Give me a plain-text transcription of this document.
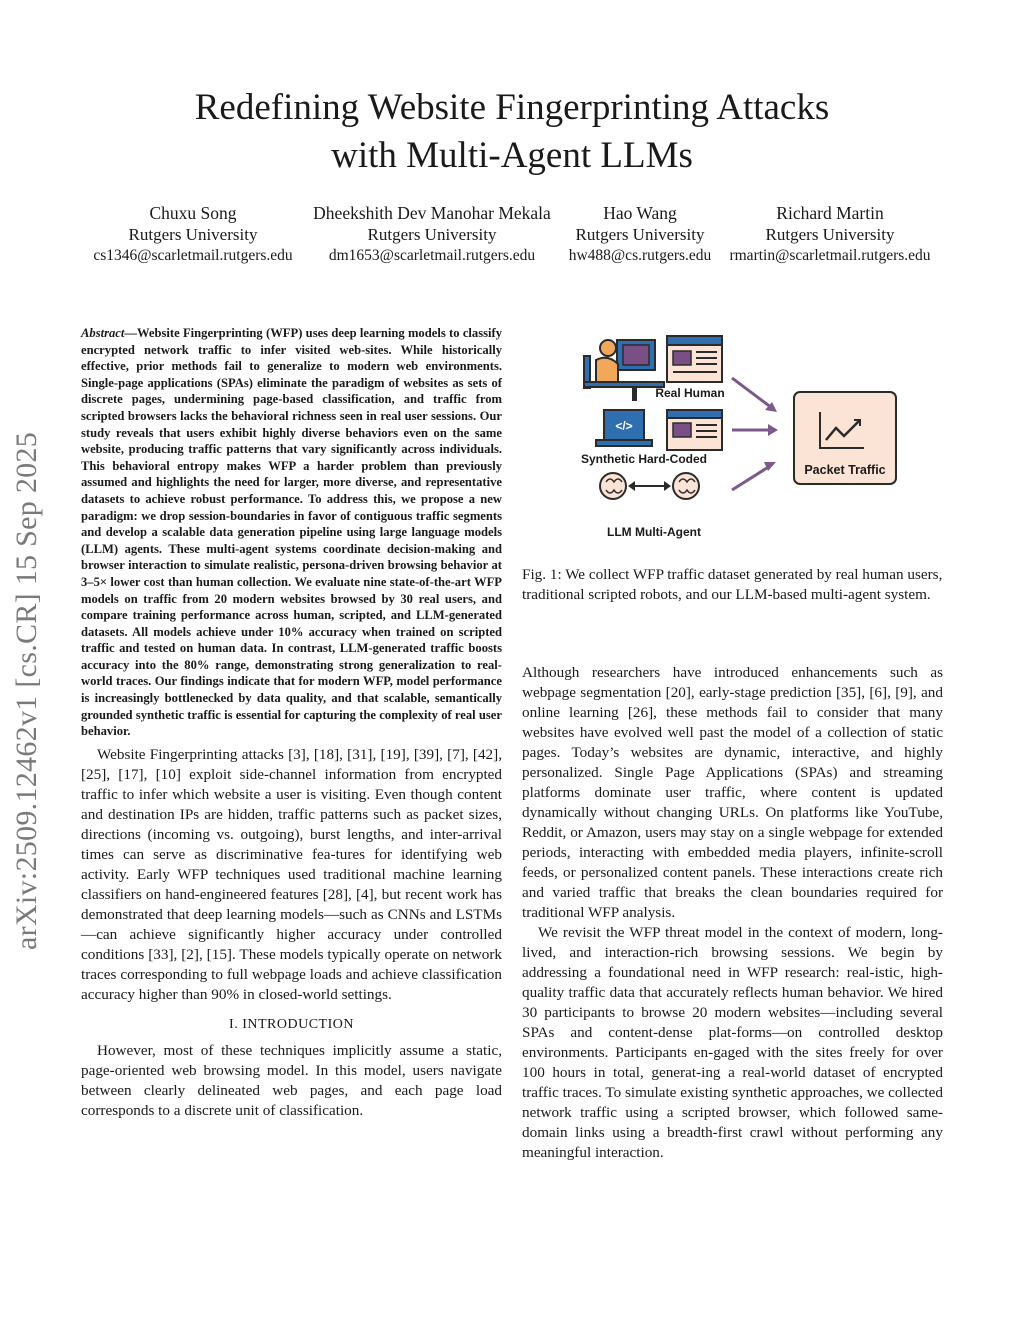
Redefining Website Fingerprinting Attacks
with Multi-Agent LLMs
Chuxu Song
Rutgers University
cs1346@scarletmail.rutgers.edu
Dheekshith Dev Manohar Mekala
Rutgers University
dm1653@scarletmail.rutgers.edu
Hao Wang
Rutgers University
hw488@cs.rutgers.edu
Richard Martin
Rutgers University
rmartin@scarletmail.rutgers.edu
arXiv:2509.12462v1 [cs.CR] 15 Sep 2025
Abstract—Website Fingerprinting (WFP) uses deep learning models to classify encrypted network traffic to infer visited web-sites. While historically effective, prior methods fail to generalize to modern web environments. Single-page applications (SPAs) eliminate the paradigm of websites as sets of discrete pages, undermining page-based classification, and traffic from scripted browsers lacks the behavioral richness seen in real user sessions. Our study reveals that users exhibit highly diverse behaviors even on the same website, producing traffic patterns that vary significantly across individuals. This behavioral entropy makes WFP a harder problem than previously assumed and highlights the need for larger, more diverse, and representative datasets to achieve robust performance. To address this, we propose a new paradigm: we drop session-boundaries in favor of contiguous traffic segments and develop a scalable data generation pipeline using large language models (LLM) agents. These multi-agent systems coordinate decision-making and browser interaction to simulate realistic, persona-driven browsing behavior at 3–5× lower cost than human collection. We evaluate nine state-of-the-art WFP models on traffic from 20 modern websites browsed by 30 real users, and compare training performance across human, scripted, and LLM-generated datasets. All models achieve under 10% accuracy when trained on scripted traffic and tested on human data. In contrast, LLM-generated traffic boosts accuracy into the 80% range, demonstrating strong generalization to real-world traces. Our findings indicate that for modern WFP, model performance is increasingly bottlenecked by data quality, and that scalable, semantically grounded synthetic traffic is essential for capturing the complexity of real user behavior.

Website Fingerprinting attacks [3], [18], [31], [19], [39], [7], [42], [25], [17], [10] exploit side-channel information from encrypted traffic to infer which website a user is visiting. Even though content and destination IPs are hidden, traffic patterns such as packet sizes, directions (incoming vs. outgoing), burst lengths, and inter-arrival times can serve as discriminative fea-tures for identifying web activity. Early WFP techniques used traditional machine learning classifiers on hand-engineered features [28], [4], but recent work has demonstrated that deep learning models—such as CNNs and LSTMs—can achieve significantly higher accuracy under controlled conditions [33], [2], [15]. These models typically operate on network traces corresponding to full webpage loads and achieve classification accuracy higher than 90% in closed-world settings.

I. INTRODUCTION

However, most of these techniques implicitly assume a static, page-oriented web browsing model. In this model, users navigate between clearly delineated web pages, and each page load corresponds to a discrete unit of classification.

Real Human
</>
Synthetic Hard-Coded
LLM Multi-Agent
Packet Traffic
Fig. 1: We collect WFP traffic dataset generated by real human users, traditional scripted robots, and our LLM-based multi-agent system.

Although researchers have introduced enhancements such as webpage segmentation [20], early-stage prediction [35], [6], [9], and online learning [26], these methods fail to consider that many websites have evolved well past the model of a collection of static pages. Today’s websites are dynamic, interactive, and highly personalized. Single Page Applications (SPAs) and streaming platforms dominate user traffic, where content is updated dynamically without changing URLs. On platforms like YouTube, Reddit, or Amazon, users may stay on a single webpage for extended periods, interacting with embedded media players, infinite-scroll feeds, or personalized content panels. These interactions create rich and varied traffic that breaks the clean boundaries required for traditional WFP analysis.

We revisit the WFP threat model in the context of modern, long-lived, and interaction-rich browsing sessions. We begin by addressing a foundational need in WFP research: real-istic, high-quality traffic data that accurately reflects human behavior. We hired 30 participants to browse 20 modern websites—including several SPAs and content-dense plat-forms—on controlled desktop environments. Participants en-gaged with the sites freely for over 100 hours in total, generat-ing a real-world dataset of encrypted traffic traces. To simulate existing synthetic approaches, we collected network traffic using a scripted browser, which followed same-domain links using a breadth-first crawl without performing any meaningful interaction.
